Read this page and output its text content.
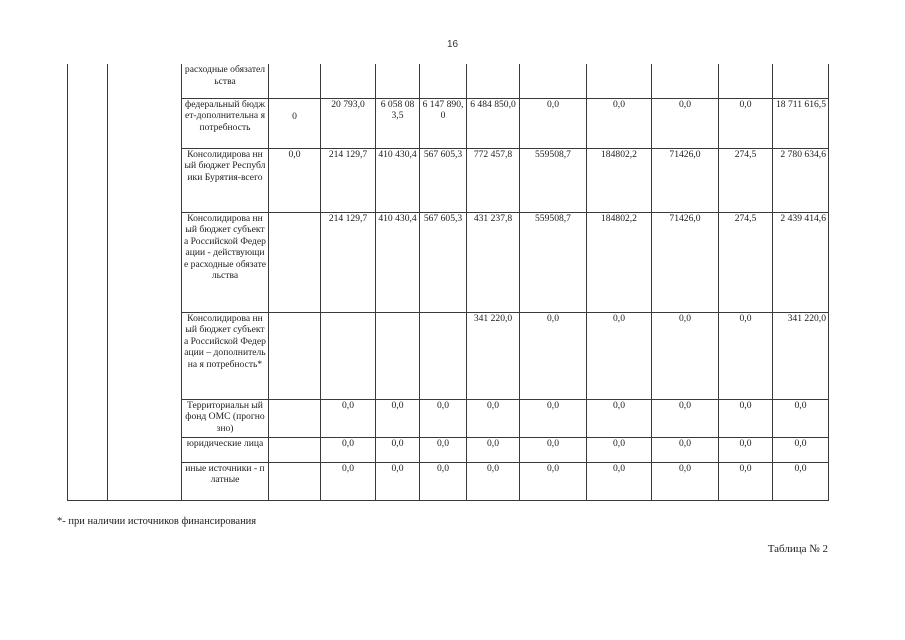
16
		расходные обязательства										
		федеральный бюджет-дополнительна я потребность	0	20 793,0	6 058 083,5	6 147 890,0	6 484 850,0	0,0	0,0	0,0	0,0	18 711 616,5
		Консолидирова нный бюджет Республики Бурятия-всего	0,0	214 129,7	410 430,4	567 605,3	772 457,8	559508,7	184802,2	71426,0	274,5	2 780 634,6
		Консолидирова нный бюджет субъекта Российской Федерации - действующие расходные обязательства		214 129,7	410 430,4	567 605,3	431 237,8	559508,7	184802,2	71426,0	274,5	2 439 414,6
		Консолидирова нный бюджет субъекта Российской Федерации – дополнительна я потребность*					341 220,0	0,0	0,0	0,0	0,0	341 220,0
		Территориальн ый фонд ОМС (прогнозно)		0,0	0,0	0,0	0,0	0,0	0,0	0,0	0,0	0,0
		юридические лица		0,0	0,0	0,0	0,0	0,0	0,0	0,0	0,0	0,0
		иные источники - платные		0,0	0,0	0,0	0,0	0,0	0,0	0,0	0,0	0,0
*- при наличии источников финансирования
Таблица № 2
